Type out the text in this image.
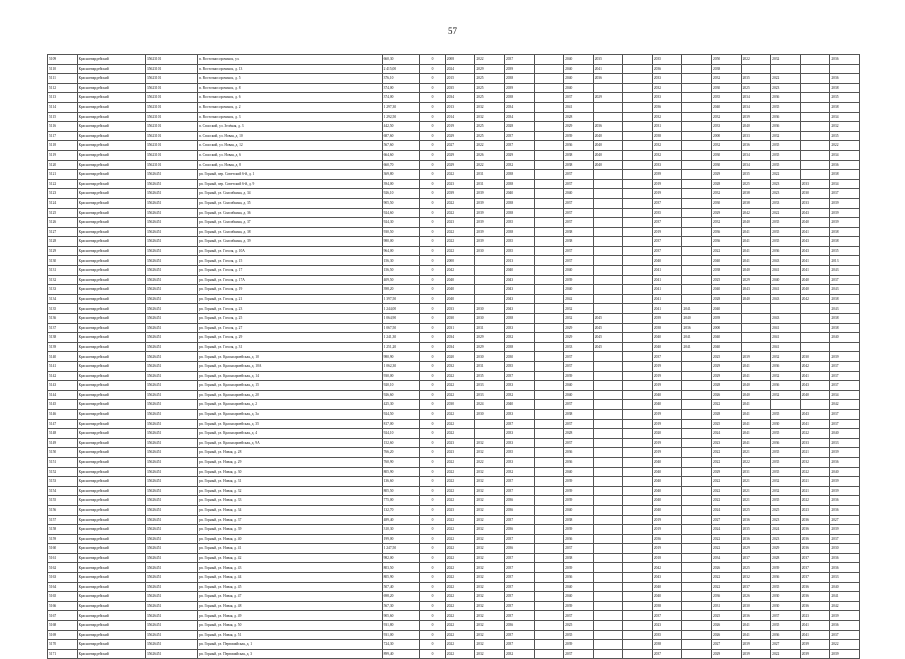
57
5109	Красногвардейский	35623101	п. Восточносорочинск, ул.	660,30	0	2008	2022	2037		2040	2035		2035		2050	2022	2032		2036
5110	Красногвардейский	35623101	п. Восточносорочинск, д. 13	2 415,00	0	2024	2029	2039		2040	2041		2036		2038				
5111	Красногвардейский	35623101	п. Восточносорочинск, д. 5	376,10	0	2015	2025	2038		2040	2036		2033		2032	2035	2022		2036
5112	Красногвардейский	35623101	п. Восточносорочинск, д. 8	374,00	0	2035	2025	2039		2040			2032		2030	2025	2023		2038
5113	Красногвардейский	35623101	п. Восточносорочинск, д. 6	374,00	0	2034	2025	2038		2037	2029		2033		2035	2034	2036		2035
5114	Красногвардейский	35623101	п. Восточносорочинск, д. 2	1 297,30	0	2013	2032	2034		2041			2036		2040	2034	2035		2038
5115	Красногвардейский	35623101	п. Восточносорочинск, д. 3	1 292,50	0	2014	2032	2034		2028			2032		2032	2039	2036		2034
5116	Красногвардейский	35623101	п. Спасский, ул. Зелёная, д. 3	442,50	0	2019	2025	2028		2029	2036		2031		2033	2040	2036		2032
5117	Красногвардейский	35623101	п. Спасский, ул. Новая, д. 10	687,60	0	2029	2025	2037		2039	2040		2038		2000	2033	2032		2035
5118	Красногвардейский	35623101	п. Спасский, ул. Новая, д. 12	567,60	0	2027	2022	2037		2036	2040		2032		2032	2036	2035		2022
5119	Красногвардейский	35623101	п. Спасский, ул. Новая, д. 6	664,60	0	2029	2026	2029		2038	2040		2032		2030	2034	2035		2034
5120	Красногвардейский	35623101	п. Спасский, ул. Новая, д. 8	660,70	0	2029	2022	2032		2038	2040		2033		2030	2034	2035		2036
5121	Красногвардейский	35626451	рп. Горный, пер. Советский 6-й, д. 1	369,80	0	2022	2031	2038		2037			2039		2029	2035	2022		2038
5122	Красногвардейский	35626451	рп. Горный, пер. Советский 6-й, д. 9	394,00	0	2023	2031	2038		2037			2019		2028	2025	2023	2033	2034
5123	Красногвардейский	35626451	рп. Горный, ул. Спасибкина, д. 34	926,10	0	2039	2039	2040		2040			2019		2032	2038	2023	2030	2037
5124	Красногвардейский	35626451	рп. Горный, ул. Спасибкина, д. 35	905,50	0	2022	2039	2038		2037			2037		2030	2038	2033	2033	2039
5125	Красногвардейский	35626451	рп. Горный, ул. Спасибкина, д. 36	924,60	0	2022	2039	2038		2037			2035		2029	2042	2022	2043	2039
5126	Красногвардейский	35626451	рп. Горный, ул. Спасибкина, д. 37	924,30	0	2023	2039	2035		2037			2037		2032	2040	2035	2040	2039
5127	Красногвардейский	35626451	рп. Горный, ул. Спасибкина, д. 38	930,50	0	2022	2039	2038		2038			2019		2036	2041	2035	2041	2038
5128	Красногвардейский	35626451	рп. Горный, ул. Спасибкина, д. 39	980,00	0	2022	2039	2035		2038			2037		2036	2041	2035	2043	2038
5129	Красногвардейский	35626451	рп. Горный, ул. Гоголя, д. 10А	964,00	0	2022	2030	2035		2037			2037		2022	2041	2036	2043	2035
5130	Красногвардейский	35626451	рп. Горный, ул. Гоголя, д. 15	156,30	0	2000		2013		2037			2040		2040	2041	2043	2041	2013
5131	Красногвардейский	35626451	рп. Горный, ул. Гоголя, д. 17	156,50	0	2042		2040		2040			2041		2038	2040	2041	2041	2043
5132	Красногвардейский	35626451	рп. Горный, ул. Гоголя, д. 17А	409,50	0	2040		2043		2039			2041		2025	2029	2040	2040	2037
5133	Красногвардейский	35626451	рп. Горный, ул. Гоголя, д. 19	398,20	0	2040		2043		2040			2041		2040	2043	2041	2040	2043
5134	Красногвардейский	35626451	рп. Горный, ул. Гоголя, д. 21	1 397,50	0	2040		2043		2042			2041		2028	2040	2043	2042	2038
5135	Красногвардейский	35626451	рп. Горный, ул. Гоголя, д. 23	1 244,00	0	2033	2030	2043		2032			2041	2041	2040				2043
5136	Красногвардейский	35626451	рп. Горный, ул. Гоголя, д. 25	1 064,90	0	2030	2030	2038		2032	2045		2039	2040	2039		2043		2038
5137	Красногвардейский	35626451	рп. Горный, ул. Гоголя, д. 27	1 067,50	0	2031	2031	2033		2029	2045		2038	2036	2000		2041		2038
5138	Красногвардейский	35626451	рп. Горный, ул. Гоголя, д. 29	1 241,30	0	2034	2029	2032		2029	2045		2040	2041	2040		2041		2040
5139	Красногвардейский	35626451	рп. Горный, ул. Гоголя, д. 31	1 251,20	0	2034	2029	2038		2033	2045		2040	2041	2040		2041		
5140	Красногвардейский	35626451	рп. Горный, ул. Красноармейская, д. 10	980,90	0	2020	2030	2030		2037			2037		2025	2039	2032	2030	2039
5141	Красногвардейский	35626451	рп. Горный, ул. Красноармейская, д. 10А	1 062,30	0	2032	2031	2035		2037			2019		2029	2041	2036	2042	2037
5142	Красногвардейский	35626451	рп. Горный, ул. Красноармейская, д. 14	930,00	0	2022	2035	2037		2039			2019		2029	2041	2032	2041	2037
5143	Красногвардейский	35626451	рп. Горный, ул. Красноармейская, д. 15	920,10	0	2022	2033	2033		2040			2019		2028	2040	2036	2043	2037
5144	Красногвардейский	35626451	рп. Горный, ул. Красноармейская, д. 20	926,60	0	2022	2033	2032		2040			2040		2026	2040	2032	2040	2034
5145	Красногвардейский	35626451	рп. Горный, ул. Красноармейская, д. 2	425,30	0	2030	2024	2040		2037			2040		2022	2041			2042
5146	Красногвардейский	35626451	рп. Горный, ул. Красноармейская, д. 3а	924,50	0	2022	2030	2033		2038			2019		2028	2041	2035	2043	2037
5147	Красногвардейский	35626451	рп. Горный, ул. Красноармейская, д. 35	817,00	0	2022		2037		2037			2019		2025	2041	2030	2041	2037
5148	Красногвардейский	35626451	рп. Горный, ул. Красноармейская, д. 4	924,10	0	2022		2033		2028			2020		2024	2041	2035	2022	2040
5149	Красногвардейский	35626451	рп. Горный, ул. Красноармейская, д. 9А	152,60	0	2023	2032	2033		2037			2019		2023	2041	2036	2033	2033
5150	Красногвардейский	35626451	рп. Горный, ул. Новая, д. 28	766,20	0	2023	2032	2035		2036			2019		2022	2021	2035	2021	2039
5151	Красногвардейский	35626451	рп. Горный, ул. Новая, д. 29	760,90	0	2022	2022	2033		2036			2040		2022	2022	2035	2032	2036
5152	Красногвардейский	35626451	рп. Горный, ул. Новая, д. 30	805,90	0	2022	2032	2032		2040			2040		2029	2031	2035	2022	2040
5153	Красногвардейский	35626451	рп. Горный, ул. Новая, д. 31	136,60	0	2022	2032	2037		2039			2040		2022	2021	2032	2021	2039
5154	Красногвардейский	35626451	рп. Горный, ул. Новая, д. 32	805,50	0	2022	2032	2037		2039			2040		2022	2021	2032	2021	2039
5155	Красногвардейский	35626451	рп. Горный, ул. Новая, д. 33	775,00	0	2022	2032	2036		2039			2040		2022	2021	2035	2022	2036
5156	Красногвардейский	35626451	рп. Горный, ул. Новая, д. 34	132,70	0	2023	2032	2036		2040			2040		2024	2025	2025	2023	2036
5157	Красногвардейский	35626451	рп. Горный, ул. Новая, д. 37	489,40	0	2022	2032	2037		2038			2019		2027	2036	2023	2036	2027
5158	Красногвардейский	35626451	рп. Горный, ул. Новая, д. 39	310,30	0	2022	2032	2036		2039			2019		2024	2035	2024	2036	2039
5159	Красногвардейский	35626451	рп. Горный, ул. Новая, д. 40	199,00	0	2022	2032	2037		2036			2036		2022	2036	2023	2036	2037
5160	Красногвардейский	35626451	рп. Горный, ул. Новая, д. 41	1 247,50	0	2022	2032	2036		2037			2019		2022	2029	2029	2036	2030
5161	Красногвардейский	35626451	рп. Горный, ул. Новая, д. 42	982,00	0	2022	2032	2037		2038			2018		2034	2037	2028	2037	2036
5162	Красногвардейский	35626451	рп. Горный, ул. Новая, д. 43	803,50	0	2022	2032	2037		2039			2042		2026	2025	2039	2037	2036
5163	Красногвардейский	35626451	рп. Горный, ул. Новая, д. 44	805,90	0	2022	2032	2037		2036			2043		2022	2032	2036	2037	2033
5164	Красногвардейский	35626451	рп. Горный, ул. Новая, д. 45	507,40	0	2022	2032	2037		2040			2040		2022	2037	2035	2036	2040
5165	Красногвардейский	35626451	рп. Горный, ул. Новая, д. 47	698,20	0	2022	2032	2037		2040			2040		2036	2026	2030	2036	2041
5166	Красногвардейский	35626451	рп. Горный, ул. Новая, д. 48	567,30	0	2022	2032	2037		2039			2038		2031	2030	2030	2036	2042
5167	Красногвардейский	35626451	рп. Горный, ул. Новая, д. 49	905,60	0	2022	2032	2037		2037			2037		2025	2036	2037	2023	2039
5168	Красногвардейский	35626451	рп. Горный, ул. Новая, д. 50	931,80	0	2022	2032	2036		2025			2023		2026	2041	2035	2041	2036
5169	Красногвардейский	35626451	рп. Горный, ул. Новая, д. 51	931,00	0	2022	2032	2037		2035			2035		2026	2041	2036	2041	2037
5170	Красногвардейский	35626451	рп. Горный, ул. Первомайская, д. 1	724,30	0	2022	2032	2037		2039			2038		2027	2039	2027	2039	2022
5171	Красногвардейский	35626451	рп. Горный, ул. Первомайская, д. 3	899,40	0	2022	2032	2032		2037			2037		2029	2039	2022	2039	2039
